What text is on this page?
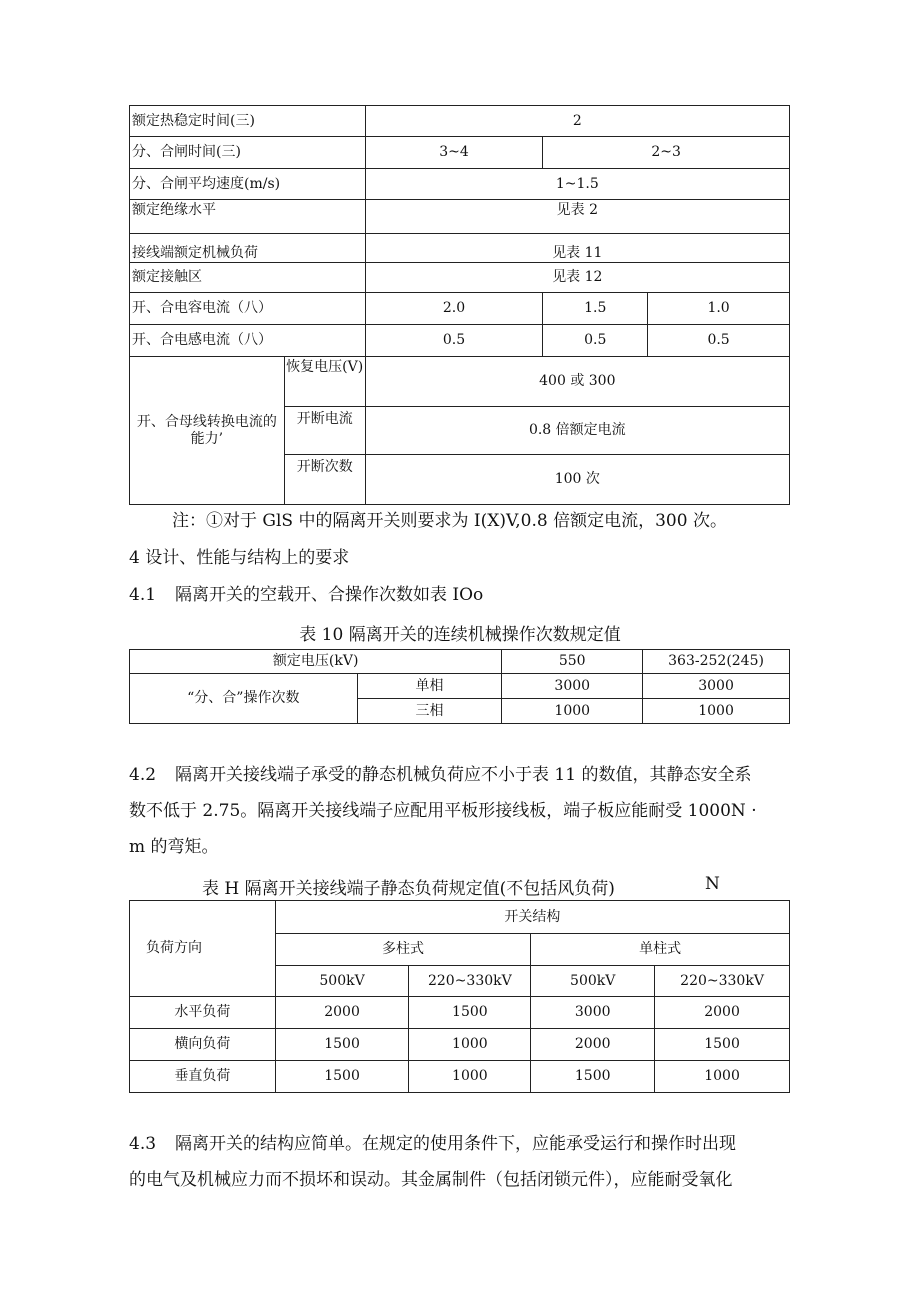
额定热稳定时间(三)		2		
分、合闸时间(三)		3~4	2~3	
分、合闸平均速度(m/s)		1~1.5		
额定绝缘水平		见表 2		
接线端额定机械负荷		见表 11		
额定接触区		见表 12		
开、合电容电流（八）		2.0	1.5	1.0
开、合电感电流（八）		0.5	0.5	0.5
开、合母线转换电流的能力’	恢复电压(V)	400 或 300		
	开断电流	0.8 倍额定电流		
	开断次数	100 次		
注：①对于 GlS 中的隔离开关则要求为 I(X)V,0.8 倍额定电流，300 次。
4 设计、性能与结构上的要求
4.1 隔离开关的空载开、合操作次数如表 IOo
表 10 隔离开关的连续机械操作次数规定值
额定电压(kV)		550	363-252(245)
“分、合”操作次数	单相	3000	3000
	三相	1000	1000
4.2 隔离开关接线端子承受的静态机械负荷应不小于表 11 的数值，其静态安全系
数不低于 2.75。隔离开关接线端子应配用平板形接线板，端子板应能耐受 1000N ·
m 的弯矩。
表 H 隔离开关接线端子静态负荷规定值(不包括风负荷)	N
负荷方向	开关结构			
	多柱式		单柱式	
	500kV	220~330kV	500kV	220~330kV
水平负荷	2000	1500	3000	2000
横向负荷	1500	1000	2000	1500
垂直负荷	1500	1000	1500	1000
4.3 隔离开关的结构应简单。在规定的使用条件下，应能承受运行和操作时出现
的电气及机械应力而不损坏和误动。其金属制件（包括闭锁元件），应能耐受氧化
